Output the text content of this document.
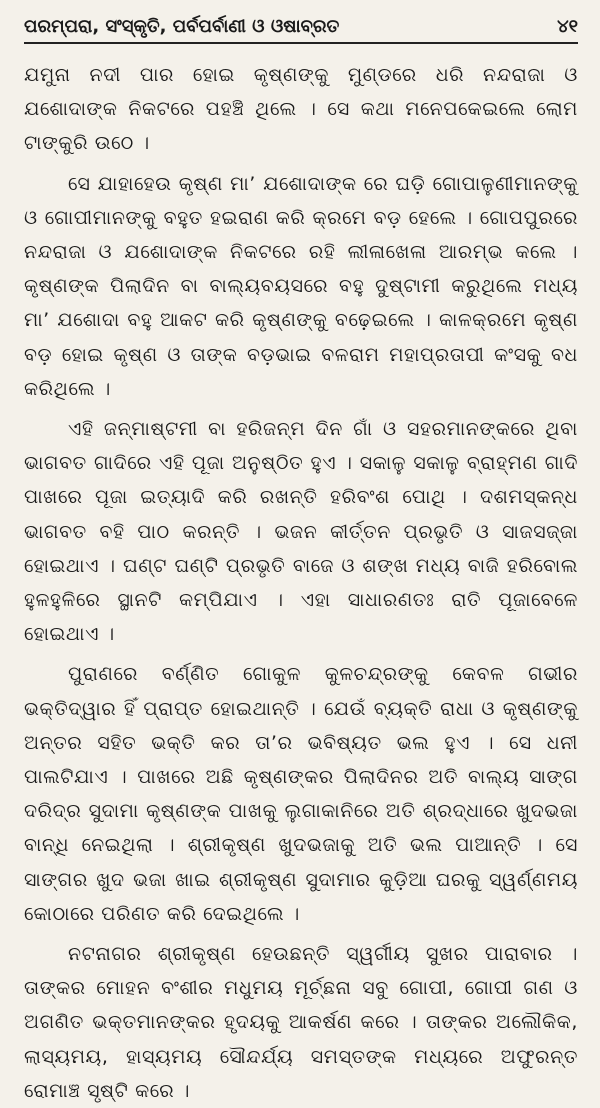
ପରମ୍ପରା, ସଂସ୍କୃତି, ପର୍ବପର୍ବାଣୀ ଓ ଓଷାବ୍ରତ	୪୧

ଯମୁନା ନଦୀ ପାର ହୋଇ କୃଷ୍ଣଙ୍କୁ ମୁଣ୍ଡରେ ଧରି ନନ୍ଦରାଜା ଓ ଯଶୋଦାଙ୍କ ନିକଟରେ ପହଞ୍ଚି ଥିଲେ । ସେ କଥା ମନେପକେଇଲେ ଲୋମ ଟାଙ୍କୁରି ଉଠେ ।

ସେ ଯାହାହେଉ କୃଷ୍ଣ ମା’ ଯଶୋଦାଙ୍କ ରେ ଘଡ଼ି ଗୋପାଳୁଣୀମାନଙ୍କୁ ଓ ଗୋପୀମାନଙ୍କୁ ବହୁତ ହଇରାଣ କରି କ୍ରମେ ବଡ଼ ହେଲେ । ଗୋପପୁରରେ ନନ୍ଦରାଜା ଓ ଯଶୋଦାଙ୍କ ନିକଟରେ ରହି ଲୀଳାଖେଳା ଆରମ୍ଭ କଲେ । କୃଷ୍ଣଙ୍କ ପିଲାଦିନ ବା ବାଲ୍ୟବୟସରେ ବହୁ ଦୁଷ୍ଟାମୀ କରୁଥିଲେ ମଧ୍ୟ ମା’ ଯଶୋଦା ବହୁ ଆକଟ କରି କୃଷ୍ଣଙ୍କୁ ବଢ଼େଇଲେ । କାଳକ୍ରମେ କୃଷ୍ଣ ବଡ଼ ହୋଇ କୃଷ୍ଣ ଓ ତାଙ୍କ ବଡ଼ଭାଇ ବଳରାମ ମହାପ୍ରତାପୀ କଂସକୁ ବଧ କରିଥିଲେ ।

ଏହି ଜନ୍ମାଷ୍ଟମୀ ବା ହରିଜନ୍ମ ଦିନ ଗାଁ ଓ ସହରମାନଙ୍କରେ ଥିବା ଭାଗବତ ଗାଦିରେ ଏହି ପୂଜା ଅନୁଷ୍ଠିତ ହୁଏ । ସକାଳୁ ସକାଳୁ ବ୍ରାହ୍ମଣ ଗାଦି ପାଖରେ ପୂଜା ଇତ୍ୟାଦି କରି ରଖନ୍ତି ହରିବଂଶ ପୋଥି । ଦଶମସ୍କନ୍ଧ ଭାଗବତ ବହି ପାଠ କରନ୍ତି । ଭଜନ କୀର୍ତ୍ତନ ପ୍ରଭୃତି ଓ ସାଜସଜ୍ଜା ହୋଇଥାଏ । ଘଣ୍ଟ ଘଣ୍ଟି ପ୍ରଭୃତି ବାଜେ ଓ ଶଙ୍ଖ ମଧ୍ୟ ବାଜି ହରିବୋଲ ହୁଳହୁଳିରେ ସ୍ଥାନଟି କମ୍ପିଯାଏ । ଏହା ସାଧାରଣତଃ ରାତି ପୂଜାବେଳେ ହୋଇଥାଏ ।

ପୁରାଣରେ ବର୍ଣ୍ଣିତ ଗୋକୁଳ କୁଳଚନ୍ଦ୍ରଙ୍କୁ କେବଳ ଗଭୀର ଭକ୍ତିଦ୍ୱାର ହିଁ ପ୍ରାପ୍ତ ହୋଇଥାନ୍ତି । ଯେଉଁ ବ୍ୟକ୍ତି ରାଧା ଓ କୃଷ୍ଣଙ୍କୁ ଅନ୍ତର ସହିତ ଭକ୍ତି କର ତା’ର ଭବିଷ୍ୟତ ଭଲ ହୁଏ । ସେ ଧନୀ ପାଲଟିଯାଏ । ପାଖରେ ଅଛି କୃଷ୍ଣଙ୍କର ପିଲାଦିନର ଅତି ବାଲ୍ୟ ସାଙ୍ଗ ଦରିଦ୍ର ସୁଦାମା କୃଷ୍ଣଙ୍କ ପାଖକୁ ଲୁଗାକାନିରେ ଅତି ଶ୍ରଦ୍ଧାରେ ଖୁଦଭଜା ବାନ୍ଧି ନେଇଥିଲା । ଶ୍ରୀକୃଷ୍ଣ ଖୁଦଭଜାକୁ ଅତି ଭଲ ପାଆନ୍ତି । ସେ ସାଙ୍ଗର ଖୁଦ ଭଜା ଖାଇ ଶ୍ରୀକୃଷ୍ଣ ସୁଦାମାର କୁଡ଼ିଆ ଘରକୁ ସ୍ୱର୍ଣ୍ଣମୟ କୋଠାରେ ପରିଣତ କରି ଦେଇଥିଲେ ।

ନଟନାଗର ଶ୍ରୀକୃଷ୍ଣ ହେଉଛନ୍ତି ସ୍ୱର୍ଗୀୟ ସୁଖର ପାରାବାର । ତାଙ୍କର ମୋହନ ବଂଶୀର ମଧୁମୟ ମୂର୍ଚ୍ଛନା ସବୁ ଗୋପୀ, ଗୋପୀ ଗଣ ଓ ଅଗଣିତ ଭକ୍ତମାନଙ୍କର ହୃଦୟକୁ ଆକର୍ଷଣ କରେ । ତାଙ୍କର ଅଲୌକିକ, ଲାସ୍ୟମୟ, ହାସ୍ୟମୟ ସୌନ୍ଦର୍ଯ୍ୟ ସମସ୍ତଙ୍କ ମଧ୍ୟରେ ଅଫୁରନ୍ତ ରୋମାଞ୍ଚ ସୃଷ୍ଟି କରେ ।
